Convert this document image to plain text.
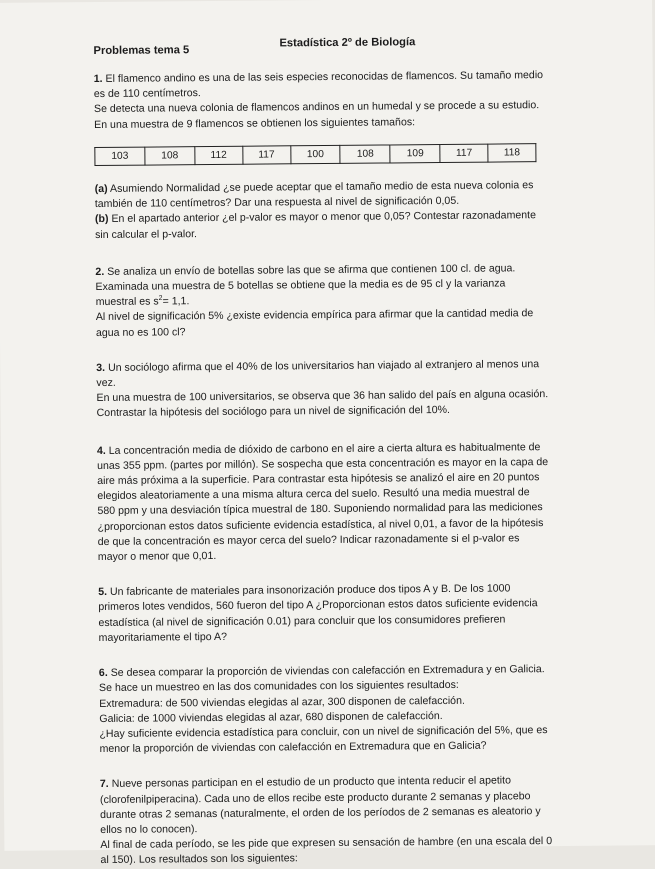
Problemas tema 5
Estadística 2º de Biología

1. El flamenco andino es una de las seis especies reconocidas de flamencos. Su tamaño medio

es de 110 centímetros.

Se detecta una nueva colonia de flamencos andinos en un humedal y se procede a su estudio.

En una muestra de 9 flamencos se obtienen los siguientes tamaños:

103	108	112	117	100	108	109	117	118

(a) Asumiendo Normalidad ¿se puede aceptar que el tamaño medio de esta nueva colonia es

también de 110 centímetros? Dar una respuesta al nivel de significación 0,05.

(b) En el apartado anterior ¿el p-valor es mayor o menor que 0,05? Contestar razonadamente

sin calcular el p-valor.

2. Se analiza un envío de botellas sobre las que se afirma que contienen 100 cl. de agua.

Examinada una muestra de 5 botellas se obtiene que la media es de 95 cl y la varianza

muestral es $s^2= 1,1$.

Al nivel de significación 5% ¿existe evidencia empírica para afirmar que la cantidad media de

agua no es 100 cl?

3. Un sociólogo afirma que el 40% de los universitarios han viajado al extranjero al menos una

vez.

En una muestra de 100 universitarios, se observa que 36 han salido del país en alguna ocasión.

Contrastar la hipótesis del sociólogo para un nivel de significación del 10%.

4. La concentración media de dióxido de carbono en el aire a cierta altura es habitualmente de

unas 355 ppm. (partes por millón). Se sospecha que esta concentración es mayor en la capa de

aire más próxima a la superficie. Para contrastar esta hipótesis se analizó el aire en 20 puntos

elegidos aleatoriamente a una misma altura cerca del suelo. Resultó una media muestral de

580 ppm y una desviación típica muestral de 180. Suponiendo normalidad para las mediciones

¿proporcionan estos datos suficiente evidencia estadística, al nivel 0,01, a favor de la hipótesis

de que la concentración es mayor cerca del suelo? Indicar razonadamente si el p-valor es

mayor o menor que 0,01.

5. Un fabricante de materiales para insonorización produce dos tipos A y B. De los 1000

primeros lotes vendidos, 560 fueron del tipo A ¿Proporcionan estos datos suficiente evidencia

estadística (al nivel de significación 0.01) para concluir que los consumidores prefieren

mayoritariamente el tipo A?

6. Se desea comparar la proporción de viviendas con calefacción en Extremadura y en Galicia.

Se hace un muestreo en las dos comunidades con los siguientes resultados:

Extremadura: de 500 viviendas elegidas al azar, 300 disponen de calefacción.

Galicia: de 1000 viviendas elegidas al azar, 680 disponen de calefacción.

¿Hay suficiente evidencia estadística para concluir, con un nivel de significación del 5%, que es

menor la proporción de viviendas con calefacción en Extremadura que en Galicia?

7. Nueve personas participan en el estudio de un producto que intenta reducir el apetito

(clorofenilpiperacina). Cada uno de ellos recibe este producto durante 2 semanas y placebo

durante otras 2 semanas (naturalmente, el orden de los períodos de 2 semanas es aleatorio y

ellos no lo conocen).

Al final de cada período, se les pide que expresen su sensación de hambre (en una escala del 0

al 150). Los resultados son los siguientes:
